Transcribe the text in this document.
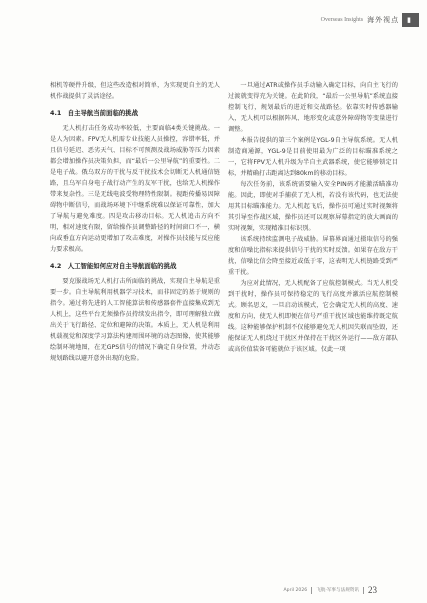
Overseas Insights 海外视点	▮

相机等硬件升级，但这些改造相对简单，为实现更自主的无人机作战提供了灵活途径。

4.1　自主导航当前面临的挑战

无人机打击任务成功率较低，主要面临4类关键挑战。一是人为因素。FPV无人机需专业技能人员操控，容错率低，并且信号延迟、恶劣天气、目标不可预测及战场威胁等压力因素都会增加操作员决策负担，而“最后一公里导航”的重要性。二是电子战。俄乌双方的干扰与反干扰技术会切断无人机通信链路，且乌军自身电子战行动产生的友军干扰，也给无人机操作带来复杂性。三是无线电波受物理特性限制。视距传播易因障碍物中断信号，而战场环境下中继系统难以保证可靠性，加大了导航与避免难度。四是攻击移动目标。无人机追击方向不明，相对速度有限，留给操作员调整路径的时间窗口不一，横向或垂直方向运动更增加了攻击难度，对操作员技能与反应能力要求极高。

4.2　人工智能如何应对自主导航面临的挑战

要克服战场无人机打击所面临的挑战，实现自主导航是重要一步。自主导航利用机器学习技术，而非固定的基于规则的指令。通过将先进的人工智能算法和传感器套件直接集成到无人机上，这些平台无须操作员持续发出指令，即可理解独立做出关于飞行路径、定位和避障的决策。本质上，无人机是利用机载视觉和深度学习算法构建周围环境的动态图像，使其能够绘制环境地图，在无GPS信号的情况下确定自身位置，并动态规划路线以避开意外出现的危险。

一旦通过ATR或操作员手动输入确定目标，向自主飞行的过渡就变得充为关键。在此阶段，“最后一公里导航”系统直接控制飞行，规划最后的进近和交战路径。依靠实时传感器输入，无人机可以根据阵风、地形变化或意外障碍物等变量进行调整。

本报告提供的第三个案例是YGL-9自主导航系统。无人机制造商通源，YGL-9是目前使用最为广泛的目标瞄准系统之一，它将FPV无人机升级为半自主武器系统，使它能够锁定目标，并精确打击距离达到80km的移动目标。

每次任务前，该系统需要输入安全PIN码才能激活瞄准功能。因此，即使对手捕获了无人机，若没有该代码，也无法使用其目标瞄准能力。无人机起飞后，操作员可通过实时视频将其引导至作战区域，操作员还可以观察屏幕指定的放大画面的实时视频，实现精准目标识别。

该系统持续监测电子战威胁。屏幕界面通过摄取信号的强度和信噪比指标来提供信号干扰的实时反馈。如果存在敌方干扰，信噪比信会降至接近或低于零，这表明无人机链路受到严重干扰。

为应对此情况，无人机配备了应航控制模式。当无人机受到干扰时，操作员可保持稳定的飞行高度并激活应航控制模式。顾名思义，一旦启动该模式，它会确定无人机的高度、速度和方向，使无人机即便在信号严重干扰区域也能维持既定航线。这种能够保护机制不仅能够避免无人机因失联而坠毁，还能保证无人机绕过干扰区并保持在干扰区外运行——敌方部队或高价值装备可能就位于该区域。仅此一项

April 2026 飞航·军事与法规资讯 23
